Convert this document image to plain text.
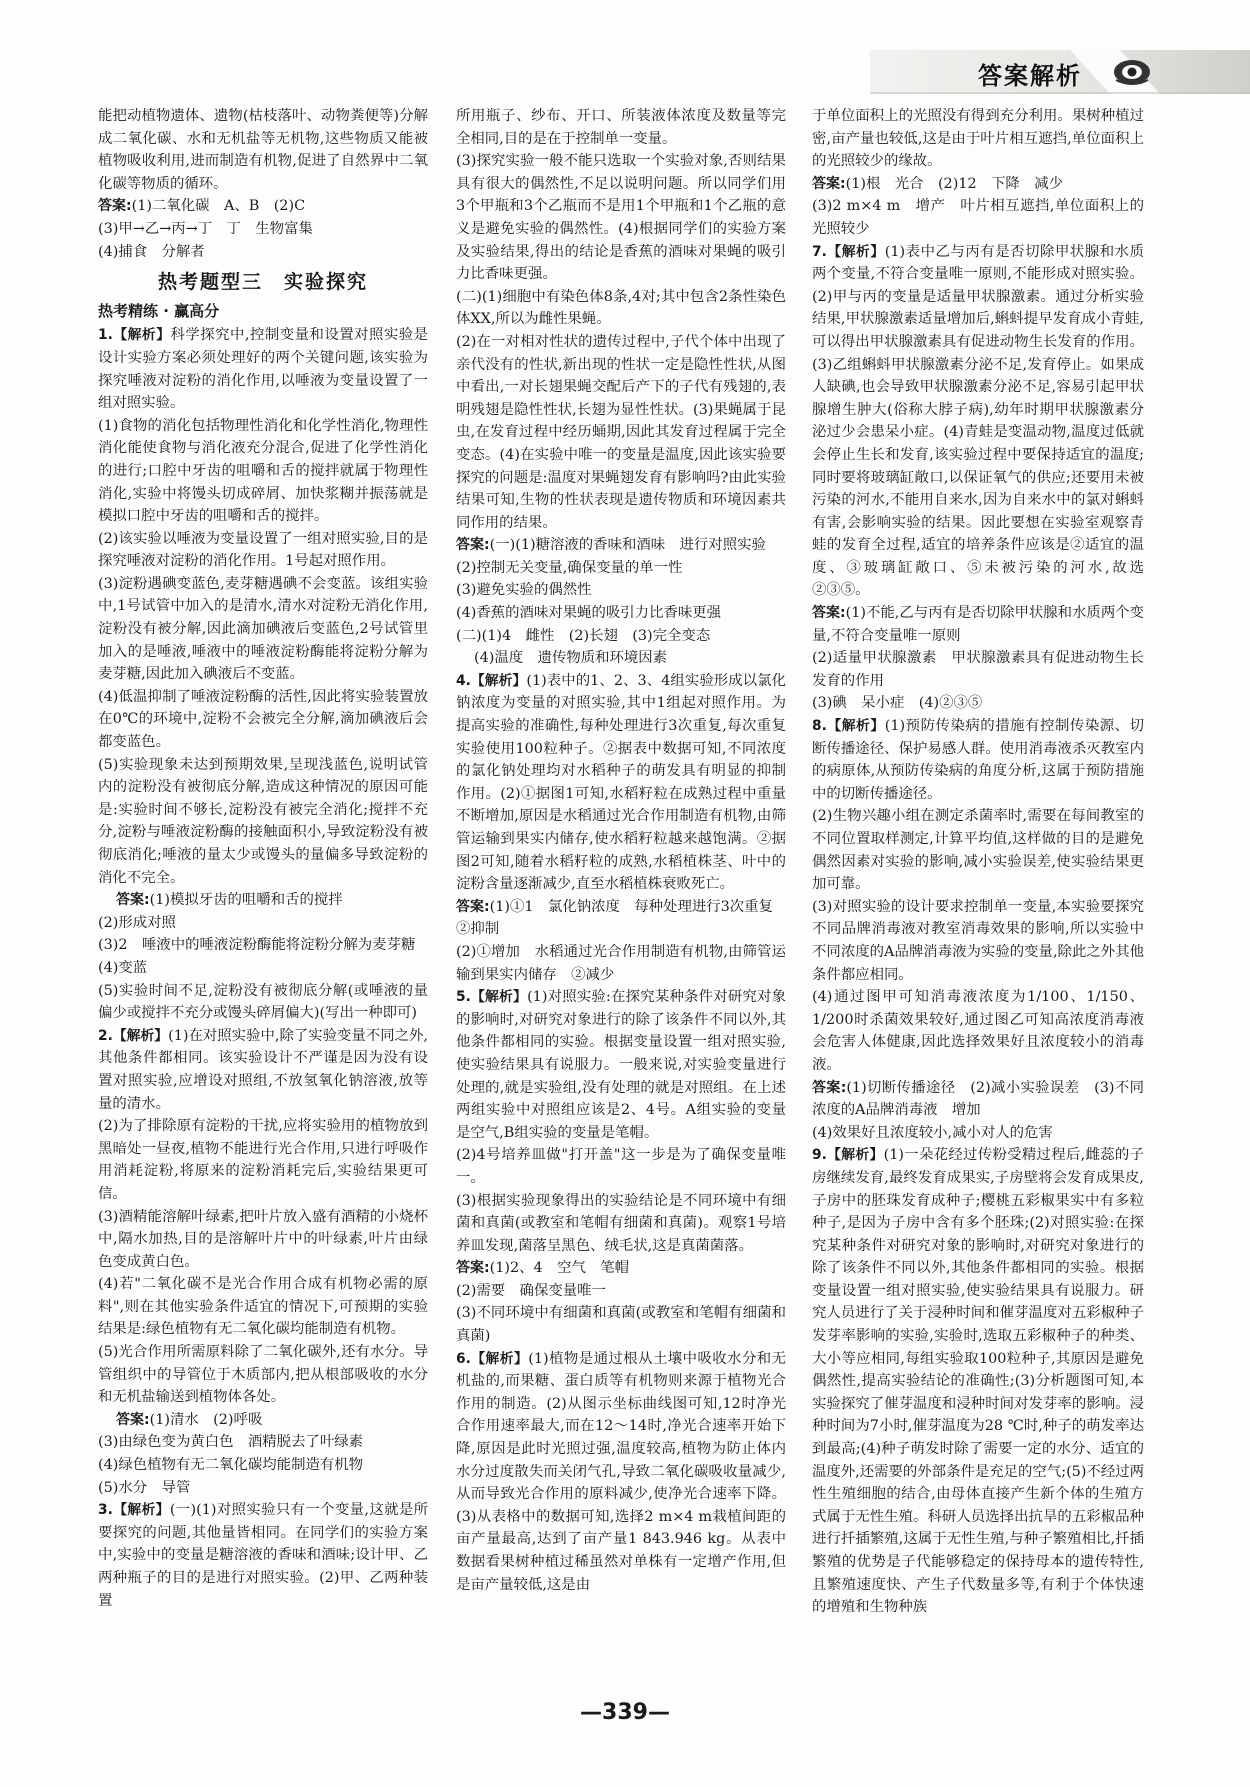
答案解析

能把动植物遗体、遗物(枯枝落叶、动物粪便等)分解成二氧化碳、水和无机盐等无机物,这些物质又能被植物吸收利用,进而制造有机物,促进了自然界中二氧化碳等物质的循环。

答案:(1)二氧化碳　A、B　(2)C

(3)甲→乙→丙→丁　丁　生物富集

(4)捕食　分解者

热考题型三　实验探究
热考精练 · 赢高分

1.【解析】科学探究中,控制变量和设置对照实验是设计实验方案必须处理好的两个关键问题,该实验为探究唾液对淀粉的消化作用,以唾液为变量设置了一组对照实验。

(1)食物的消化包括物理性消化和化学性消化,物理性消化能使食物与消化液充分混合,促进了化学性消化的进行;口腔中牙齿的咀嚼和舌的搅拌就属于物理性消化,实验中将馒头切成碎屑、加快浆糊并振荡就是模拟口腔中牙齿的咀嚼和舌的搅拌。

(2)该实验以唾液为变量设置了一组对照实验,目的是探究唾液对淀粉的消化作用。1号起对照作用。

(3)淀粉遇碘变蓝色,麦芽糖遇碘不会变蓝。该组实验中,1号试管中加入的是清水,清水对淀粉无消化作用,淀粉没有被分解,因此滴加碘液后变蓝色,2号试管里加入的是唾液,唾液中的唾液淀粉酶能将淀粉分解为麦芽糖,因此加入碘液后不变蓝。

(4)低温抑制了唾液淀粉酶的活性,因此将实验装置放在0℃的环境中,淀粉不会被完全分解,滴加碘液后会都变蓝色。

(5)实验现象未达到预期效果,呈现浅蓝色,说明试管内的淀粉没有被彻底分解,造成这种情况的原因可能是:实验时间不够长,淀粉没有被完全消化;搅拌不充分,淀粉与唾液淀粉酶的接触面积小,导致淀粉没有被彻底消化;唾液的量太少或馒头的量偏多导致淀粉的消化不完全。

答案:(1)模拟牙齿的咀嚼和舌的搅拌

(2)形成对照

(3)2　唾液中的唾液淀粉酶能将淀粉分解为麦芽糖

(4)变蓝

(5)实验时间不足,淀粉没有被彻底分解(或唾液的量偏少或搅拌不充分或馒头碎屑偏大)(写出一种即可)

2.【解析】(1)在对照实验中,除了实验变量不同之外,其他条件都相同。该实验设计不严谨是因为没有设置对照实验,应增设对照组,不放氢氧化钠溶液,放等量的清水。

(2)为了排除原有淀粉的干扰,应将实验用的植物放到黑暗处一昼夜,植物不能进行光合作用,只进行呼吸作用消耗淀粉,将原来的淀粉消耗完后,实验结果更可信。

(3)酒精能溶解叶绿素,把叶片放入盛有酒精的小烧杯中,隔水加热,目的是溶解叶片中的叶绿素,叶片由绿色变成黄白色。

(4)若"二氧化碳不是光合作用合成有机物必需的原料",则在其他实验条件适宜的情况下,可预期的实验结果是:绿色植物有无二氧化碳均能制造有机物。

(5)光合作用所需原料除了二氧化碳外,还有水分。导管组织中的导管位于木质部内,把从根部吸收的水分和无机盐输送到植物体各处。

答案:(1)清水　(2)呼吸

(3)由绿色变为黄白色　酒精脱去了叶绿素

(4)绿色植物有无二氧化碳均能制造有机物

(5)水分　导管

3.【解析】(一)(1)对照实验只有一个变量,这就是所要探究的问题,其他量皆相同。在同学们的实验方案中,实验中的变量是糖溶液的香味和酒味;设计甲、乙两种瓶子的目的是进行对照实验。(2)甲、乙两种装置

所用瓶子、纱布、开口、所装液体浓度及数量等完全相同,目的是在于控制单一变量。

(3)探究实验一般不能只选取一个实验对象,否则结果具有很大的偶然性,不足以说明问题。所以同学们用3个甲瓶和3个乙瓶而不是用1个甲瓶和1个乙瓶的意义是避免实验的偶然性。(4)根据同学们的实验方案及实验结果,得出的结论是香蕉的酒味对果蝇的吸引力比香味更强。

(二)(1)细胞中有染色体8条,4对;其中包含2条性染色体XX,所以为雌性果蝇。

(2)在一对相对性状的遗传过程中,子代个体中出现了亲代没有的性状,新出现的性状一定是隐性性状,从图中看出,一对长翅果蝇交配后产下的子代有残翅的,表明残翅是隐性性状,长翅为显性性状。(3)果蝇属于昆虫,在发育过程中经历蛹期,因此其发育过程属于完全变态。(4)在实验中唯一的变量是温度,因此该实验要探究的问题是:温度对果蝇翅发育有影响吗?由此实验结果可知,生物的性状表现是遗传物质和环境因素共同作用的结果。

答案:(一)(1)糖溶液的香味和酒味　进行对照实验

(2)控制无关变量,确保变量的单一性

(3)避免实验的偶然性

(4)香蕉的酒味对果蝇的吸引力比香味更强

(二)(1)4　雌性　(2)长翅　(3)完全变态

(4)温度　遗传物质和环境因素

4.【解析】(1)表中的1、2、3、4组实验形成以氯化钠浓度为变量的对照实验,其中1组起对照作用。为提高实验的准确性,每种处理进行3次重复,每次重复实验使用100粒种子。②据表中数据可知,不同浓度的氯化钠处理均对水稻种子的萌发具有明显的抑制作用。(2)①据图1可知,水稻籽粒在成熟过程中重量不断增加,原因是水稻通过光合作用制造有机物,由筛管运输到果实内储存,使水稻籽粒越来越饱满。②据图2可知,随着水稻籽粒的成熟,水稻植株茎、叶中的淀粉含量逐渐减少,直至水稻植株衰败死亡。

答案:(1)①1　氯化钠浓度　每种处理进行3次重复

②抑制

(2)①增加　水稻通过光合作用制造有机物,由筛管运输到果实内储存　②减少

5.【解析】(1)对照实验:在探究某种条件对研究对象的影响时,对研究对象进行的除了该条件不同以外,其他条件都相同的实验。根据变量设置一组对照实验,使实验结果具有说服力。一般来说,对实验变量进行处理的,就是实验组,没有处理的就是对照组。在上述两组实验中对照组应该是2、4号。A组实验的变量是空气,B组实验的变量是笔帽。

(2)4号培养皿做"打开盖"这一步是为了确保变量唯一。

(3)根据实验现象得出的实验结论是不同环境中有细菌和真菌(或教室和笔帽有细菌和真菌)。观察1号培养皿发现,菌落呈黑色、绒毛状,这是真菌菌落。

答案:(1)2、4　空气　笔帽

(2)需要　确保变量唯一

(3)不同环境中有细菌和真菌(或教室和笔帽有细菌和真菌)

6.【解析】(1)植物是通过根从土壤中吸收水分和无机盐的,而果糖、蛋白质等有机物则来源于植物光合作用的制造。(2)从图示坐标曲线图可知,12时净光合作用速率最大,而在12～14时,净光合速率开始下降,原因是此时光照过强,温度较高,植物为防止体内水分过度散失而关闭气孔,导致二氧化碳吸收量减少,从而导致光合作用的原料减少,使净光合速率下降。(3)从表格中的数据可知,选择2 m×4 m栽植间距的亩产量最高,达到了亩产量1 843.946 kg。从表中数据看果树种植过稀虽然对单株有一定增产作用,但是亩产量较低,这是由

于单位面积上的光照没有得到充分利用。果树种植过密,亩产量也较低,这是由于叶片相互遮挡,单位面积上的光照较少的缘故。

答案:(1)根　光合　(2)12　下降　减少

(3)2 m×4 m　增产　叶片相互遮挡,单位面积上的光照较少

7.【解析】(1)表中乙与丙有是否切除甲状腺和水质两个变量,不符合变量唯一原则,不能形成对照实验。(2)甲与丙的变量是适量甲状腺激素。通过分析实验结果,甲状腺激素适量增加后,蝌蚪提早发育成小青蛙,可以得出甲状腺激素具有促进动物生长发育的作用。(3)乙组蝌蚪甲状腺激素分泌不足,发育停止。如果成人缺碘,也会导致甲状腺激素分泌不足,容易引起甲状腺增生肿大(俗称大脖子病),幼年时期甲状腺激素分泌过少会患呆小症。(4)青蛙是变温动物,温度过低就会停止生长和发育,该实验过程中要保持适宜的温度;同时要将玻璃缸敞口,以保证氧气的供应;还要用未被污染的河水,不能用自来水,因为自来水中的氯对蝌蚪有害,会影响实验的结果。因此要想在实验室观察青蛙的发育全过程,适宜的培养条件应该是②适宜的温度、③玻璃缸敞口、⑤未被污染的河水,故选②③⑤。

答案:(1)不能,乙与丙有是否切除甲状腺和水质两个变量,不符合变量唯一原则

(2)适量甲状腺激素　甲状腺激素具有促进动物生长发育的作用

(3)碘　呆小症　(4)②③⑤

8.【解析】(1)预防传染病的措施有控制传染源、切断传播途径、保护易感人群。使用消毒液杀灭教室内的病原体,从预防传染病的角度分析,这属于预防措施中的切断传播途径。

(2)生物兴趣小组在测定杀菌率时,需要在每间教室的不同位置取样测定,计算平均值,这样做的目的是避免偶然因素对实验的影响,减小实验误差,使实验结果更加可靠。

(3)对照实验的设计要求控制单一变量,本实验要探究不同品牌消毒液对教室消毒效果的影响,所以实验中不同浓度的A品牌消毒液为实验的变量,除此之外其他条件都应相同。

(4)通过图甲可知消毒液浓度为1/100、1/150、1/200时杀菌效果较好,通过图乙可知高浓度消毒液会危害人体健康,因此选择效果好且浓度较小的消毒液。

答案:(1)切断传播途径　(2)减小实验误差　(3)不同浓度的A品牌消毒液　增加

(4)效果好且浓度较小,减小对人的危害

9.【解析】(1)一朵花经过传粉受精过程后,雌蕊的子房继续发育,最终发育成果实,子房壁将会发育成果皮,子房中的胚珠发育成种子;樱桃五彩椒果实中有多粒种子,是因为子房中含有多个胚珠;(2)对照实验:在探究某种条件对研究对象的影响时,对研究对象进行的除了该条件不同以外,其他条件都相同的实验。根据变量设置一组对照实验,使实验结果具有说服力。研究人员进行了关于浸种时间和催芽温度对五彩椒种子发芽率影响的实验,实验时,选取五彩椒种子的种类、大小等应相同,每组实验取100粒种子,其原因是避免偶然性,提高实验结论的准确性;(3)分析题图可知,本实验探究了催芽温度和浸种时间对发芽率的影响。浸种时间为7小时,催芽温度为28 ℃时,种子的萌发率达到最高;(4)种子萌发时除了需要一定的水分、适宜的温度外,还需要的外部条件是充足的空气;(5)不经过两性生殖细胞的结合,由母体直接产生新个体的生殖方式属于无性生殖。科研人员选择出抗旱的五彩椒品种进行扦插繁殖,这属于无性生殖,与种子繁殖相比,扦插繁殖的优势是子代能够稳定的保持母本的遗传特性,且繁殖速度快、产生子代数量多等,有利于个体快速的增殖和生物种族

—339—
